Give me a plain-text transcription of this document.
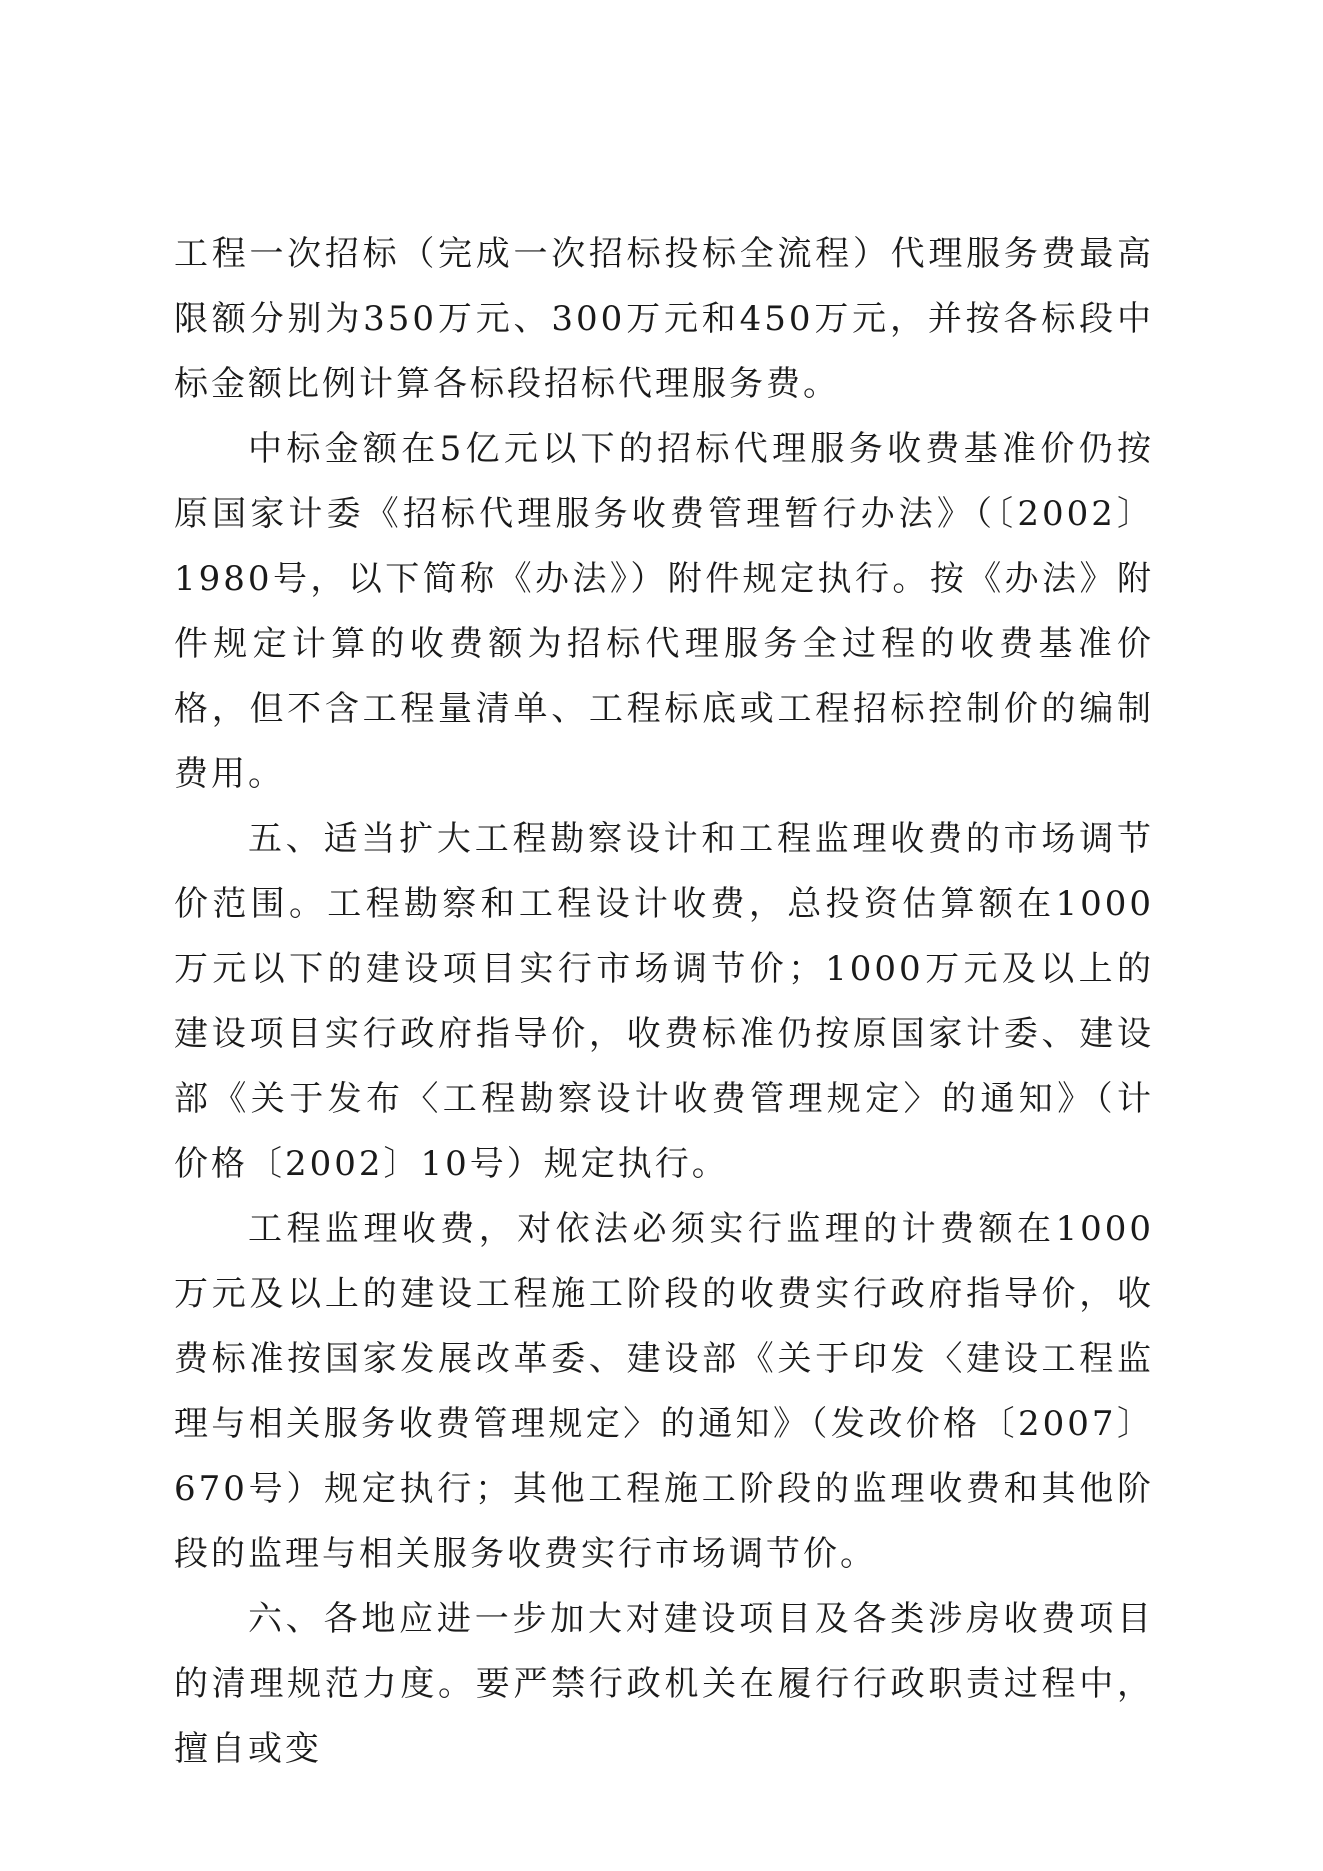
工程一次招标（完成一次招标投标全流程）代理服务费最高限额分别为350万元、300万元和450万元，并按各标段中标金额比例计算各标段招标代理服务费。

中标金额在5亿元以下的招标代理服务收费基准价仍按原国家计委《招标代理服务收费管理暂行办法》（〔2002〕1980号，以下简称《办法》）附件规定执行。按《办法》附件规定计算的收费额为招标代理服务全过程的收费基准价格，但不含工程量清单、工程标底或工程招标控制价的编制费用。

五、适当扩大工程勘察设计和工程监理收费的市场调节价范围。工程勘察和工程设计收费，总投资估算额在1000万元以下的建设项目实行市场调节价；1000万元及以上的建设项目实行政府指导价，收费标准仍按原国家计委、建设部《关于发布〈工程勘察设计收费管理规定〉的通知》（计价格〔2002〕10号）规定执行。

工程监理收费，对依法必须实行监理的计费额在1000万元及以上的建设工程施工阶段的收费实行政府指导价，收费标准按国家发展改革委、建设部《关于印发〈建设工程监理与相关服务收费管理规定〉的通知》（发改价格〔2007〕670号）规定执行；其他工程施工阶段的监理收费和其他阶段的监理与相关服务收费实行市场调节价。

六、各地应进一步加大对建设项目及各类涉房收费项目的清理规范力度。要严禁行政机关在履行行政职责过程中，擅自或变
